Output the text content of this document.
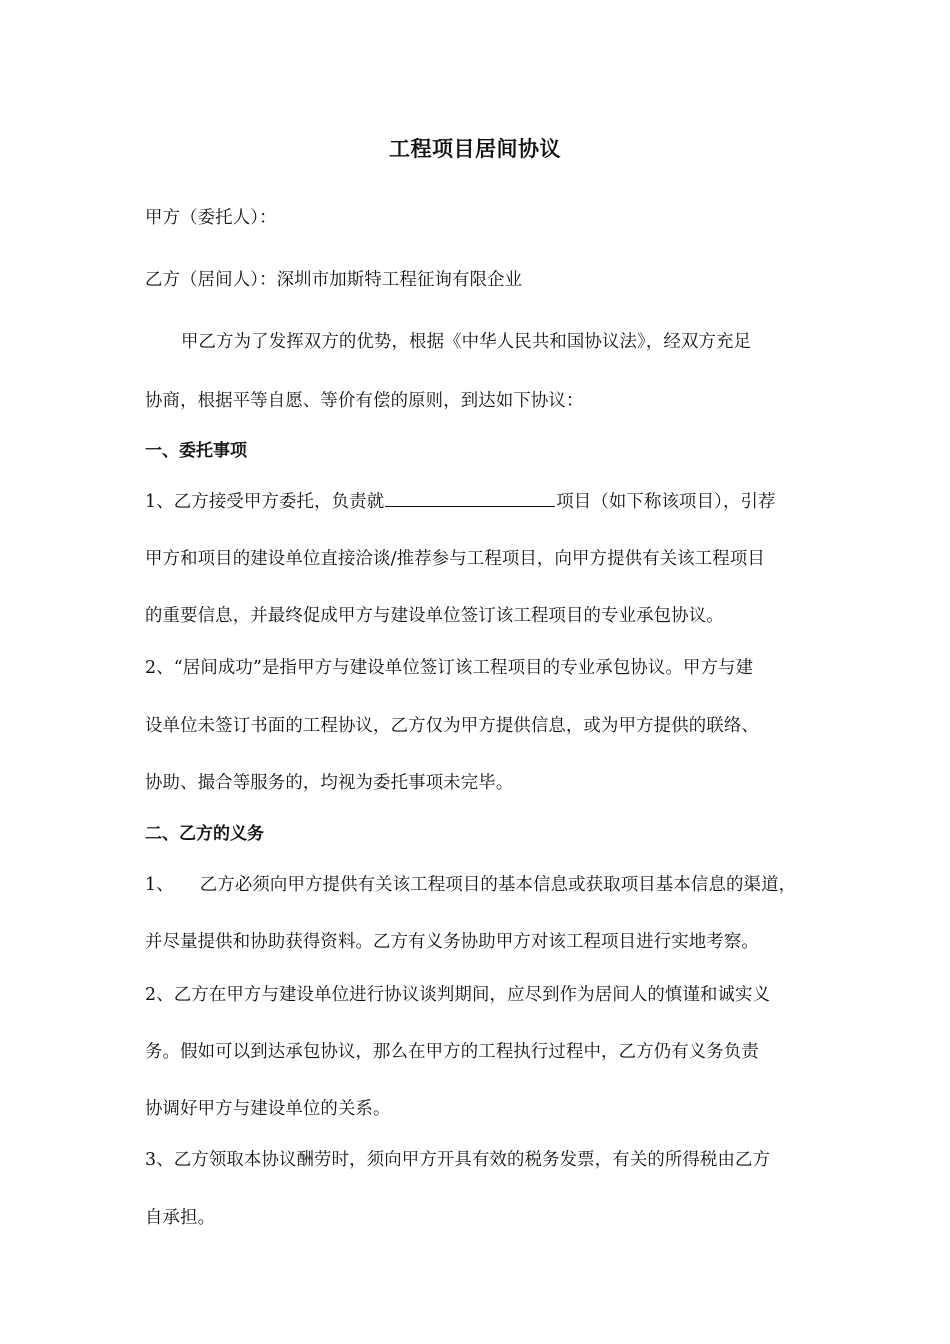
工程项目居间协议
甲方（委托人）：
乙方（居间人）：深圳市加斯特工程征询有限企业
甲乙方为了发挥双方的优势，根据《中华人民共和国协议法》，经双方充足
协商，根据平等自愿、等价有偿的原则，到达如下协议：
一、委托事项
1、乙方接受甲方委托，负责就	项目（如下称该项目），引荐
甲方和项目的建设单位直接洽谈/推荐参与工程项目，向甲方提供有关该工程项目
的重要信息，并最终促成甲方与建设单位签订该工程项目的专业承包协议。
2、“居间成功”是指甲方与建设单位签订该工程项目的专业承包协议。甲方与建
设单位未签订书面的工程协议，乙方仅为甲方提供信息，或为甲方提供的联络、
协助、撮合等服务的，均视为委托事项未完毕。
二、乙方的义务
1、 乙方必须向甲方提供有关该工程项目的基本信息或获取项目基本信息的渠道，
并尽量提供和协助获得资料。乙方有义务协助甲方对该工程项目进行实地考察。
2、乙方在甲方与建设单位进行协议谈判期间，应尽到作为居间人的慎谨和诚实义
务。假如可以到达承包协议，那么在甲方的工程执行过程中，乙方仍有义务负责
协调好甲方与建设单位的关系。
3、乙方领取本协议酬劳时，须向甲方开具有效的税务发票，有关的所得税由乙方
自承担。
